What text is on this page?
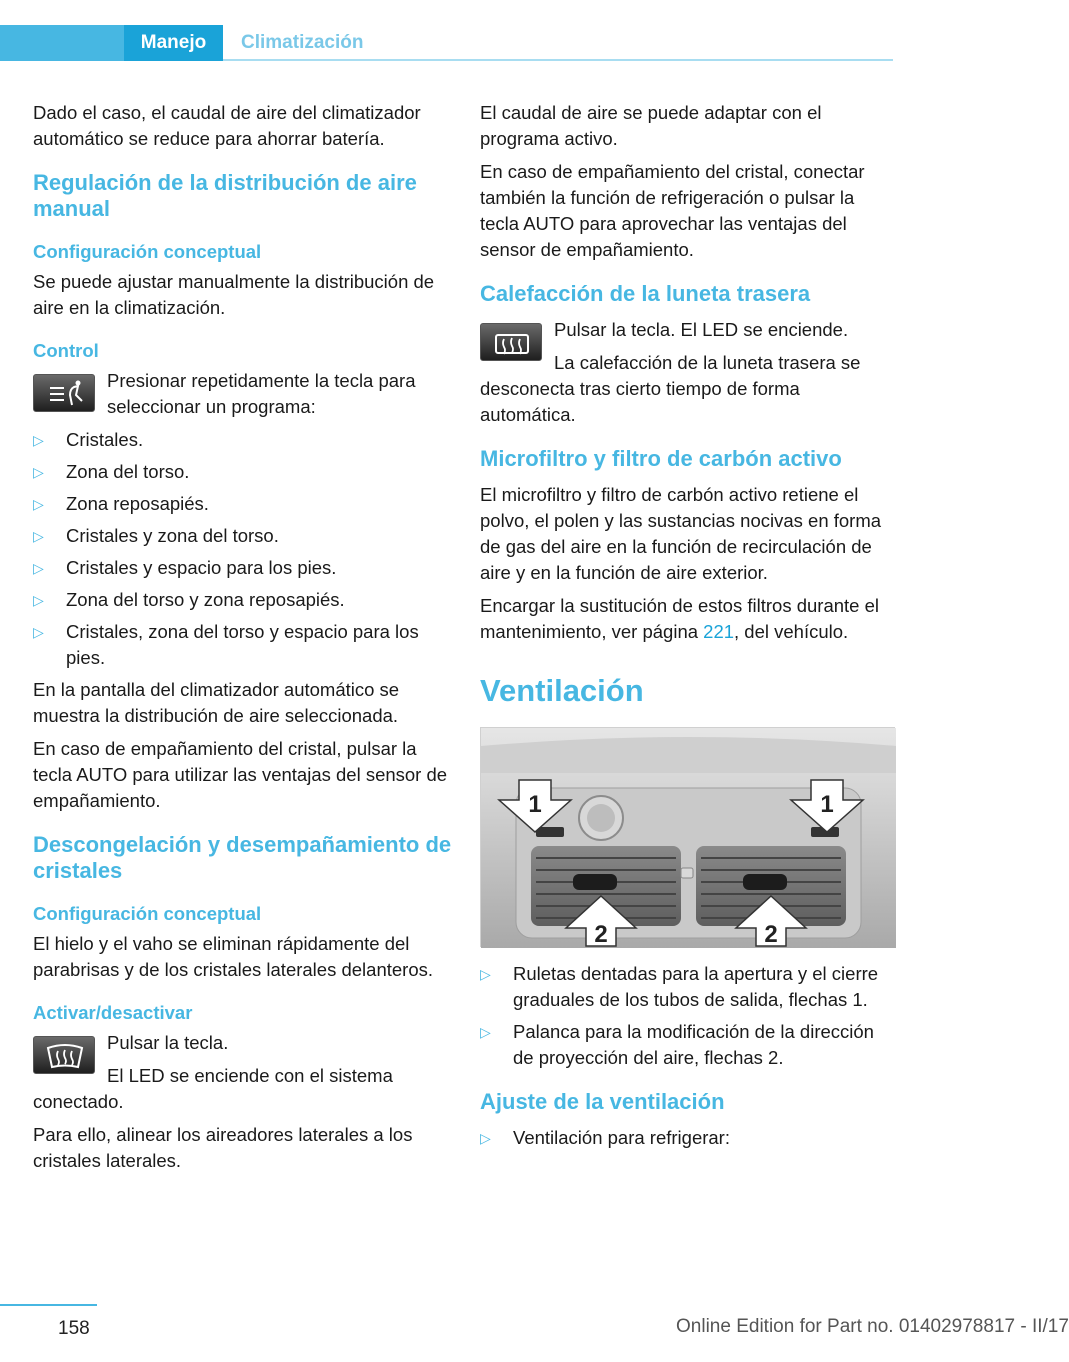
Manejo	Climatización

Dado el caso, el caudal de aire del climatizador automático se reduce para ahorrar batería.

Regulación de la distribución de aire manual
Configuración conceptual

Se puede ajustar manualmente la distribución de aire en la climatización.

Control

Presionar repetidamente la tecla para seleccionar un programa:

▷ Cristales.
▷ Zona del torso.
▷ Zona reposapiés.
▷ Cristales y zona del torso.
▷ Cristales y espacio para los pies.
▷ Zona del torso y zona reposapiés.
▷ Cristales, zona del torso y espacio para los pies.

En la pantalla del climatizador automático se muestra la distribución de aire seleccionada.

En caso de empañamiento del cristal, pulsar la tecla AUTO para utilizar las ventajas del sensor de empañamiento.

Descongelación y desempañamiento de cristales
Configuración conceptual

El hielo y el vaho se eliminan rápidamente del parabrisas y de los cristales laterales delanteros.

Activar/desactivar

Pulsar la tecla.

El LED se enciende con el sistema conectado.

Para ello, alinear los aireadores laterales a los cristales laterales.

El caudal de aire se puede adaptar con el programa activo.

En caso de empañamiento del cristal, conectar también la función de refrigeración o pulsar la tecla AUTO para aprovechar las ventajas del sensor de empañamiento.

Calefacción de la luneta trasera

Pulsar la tecla. El LED se enciende.

La calefacción de la luneta trasera se desconecta tras cierto tiempo de forma automática.

Microfiltro y filtro de carbón activo

El microfiltro y filtro de carbón activo retiene el polvo, el polen y las sustancias nocivas en forma de gas del aire en la función de recirculación de aire y en la función de aire exterior.

Encargar la sustitución de estos filtros durante el mantenimiento, ver página 221, del vehículo.

Ventilación
1	1
2	2
▷ Ruletas dentadas para la apertura y el cierre graduales de los tubos de salida, flechas 1.
▷ Palanca para la modificación de la dirección de proyección del aire, flechas 2.
Ajuste de la ventilación
▷ Ventilación para refrigerar:
158	Online Edition for Part no. 01402978817 - II/17
